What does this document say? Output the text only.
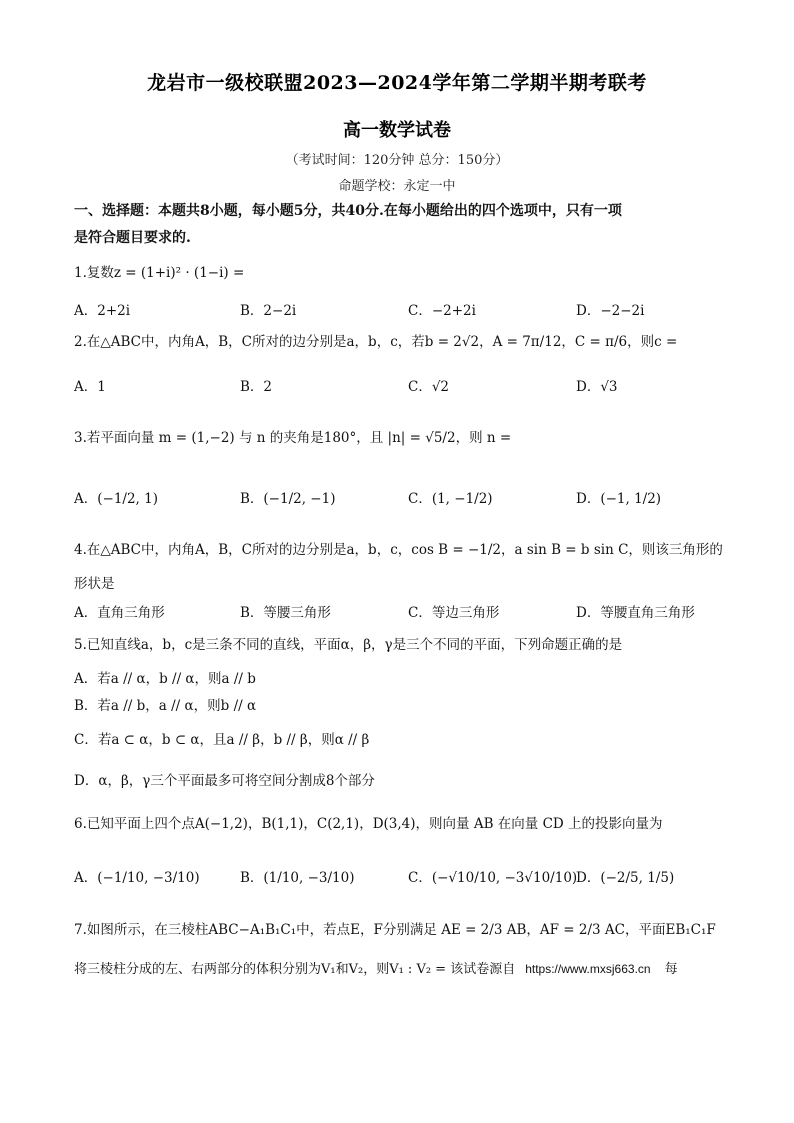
龙岩市一级校联盟2023—2024学年第二学期半期考联考
高一数学试卷
（考试时间：120分钟 总分：150分）
命题学校：永定一中
一、选择题：本题共8小题，每小题5分，共40分.在每小题给出的四个选项中，只有一项
是符合题目要求的.
1.复数z = (1+i)² · (1−i) =
A．2+2i	B．2−2i	C．−2+2i	D．−2−2i
2.在△ABC中，内角A，B，C所对的边分别是a，b，c，若b = 2√2，A = 7π/12，C = π/6，则c =
A．1	B．2	C．√2	D．√3
3.若平面向量 m = (1,−2) 与 n 的夹角是180°，且 |n| = √5/2，则 n =
A．(−1/2, 1)	B．(−1/2, −1)	C．(1, −1/2)	D．(−1, 1/2)
4.在△ABC中，内角A，B，C所对的边分别是a，b，c，cos B = −1/2，a sin B = b sin C，则该三角形的
形状是
A．直角三角形	B．等腰三角形	C．等边三角形	D．等腰直角三角形
5.已知直线a，b，c是三条不同的直线，平面α，β，γ是三个不同的平面，下列命题正确的是
A．若a // α，b // α，则a // b
B．若a // b，a // α，则b // α
C．若a ⊂ α，b ⊂ α，且a // β，b // β，则α // β
D．α，β，γ三个平面最多可将空间分割成8个部分
6.已知平面上四个点A(−1,2)，B(1,1)，C(2,1)，D(3,4)，则向量 AB 在向量 CD 上的投影向量为
A．(−1/10, −3/10)	B．(1/10, −3/10)	C．(−√10/10, −3√10/10)
D．(−2/5, 1/5)
7.如图所示，在三棱柱ABC−A₁B₁C₁中，若点E，F分别满足 AE = 2/3 AB，AF = 2/3 AC，平面EB₁C₁F
将三棱柱分成的左、右两部分的体积分别为V₁和V₂，则V₁ : V₂ = 该试卷源自 https://www.mxsj663.cn 每
